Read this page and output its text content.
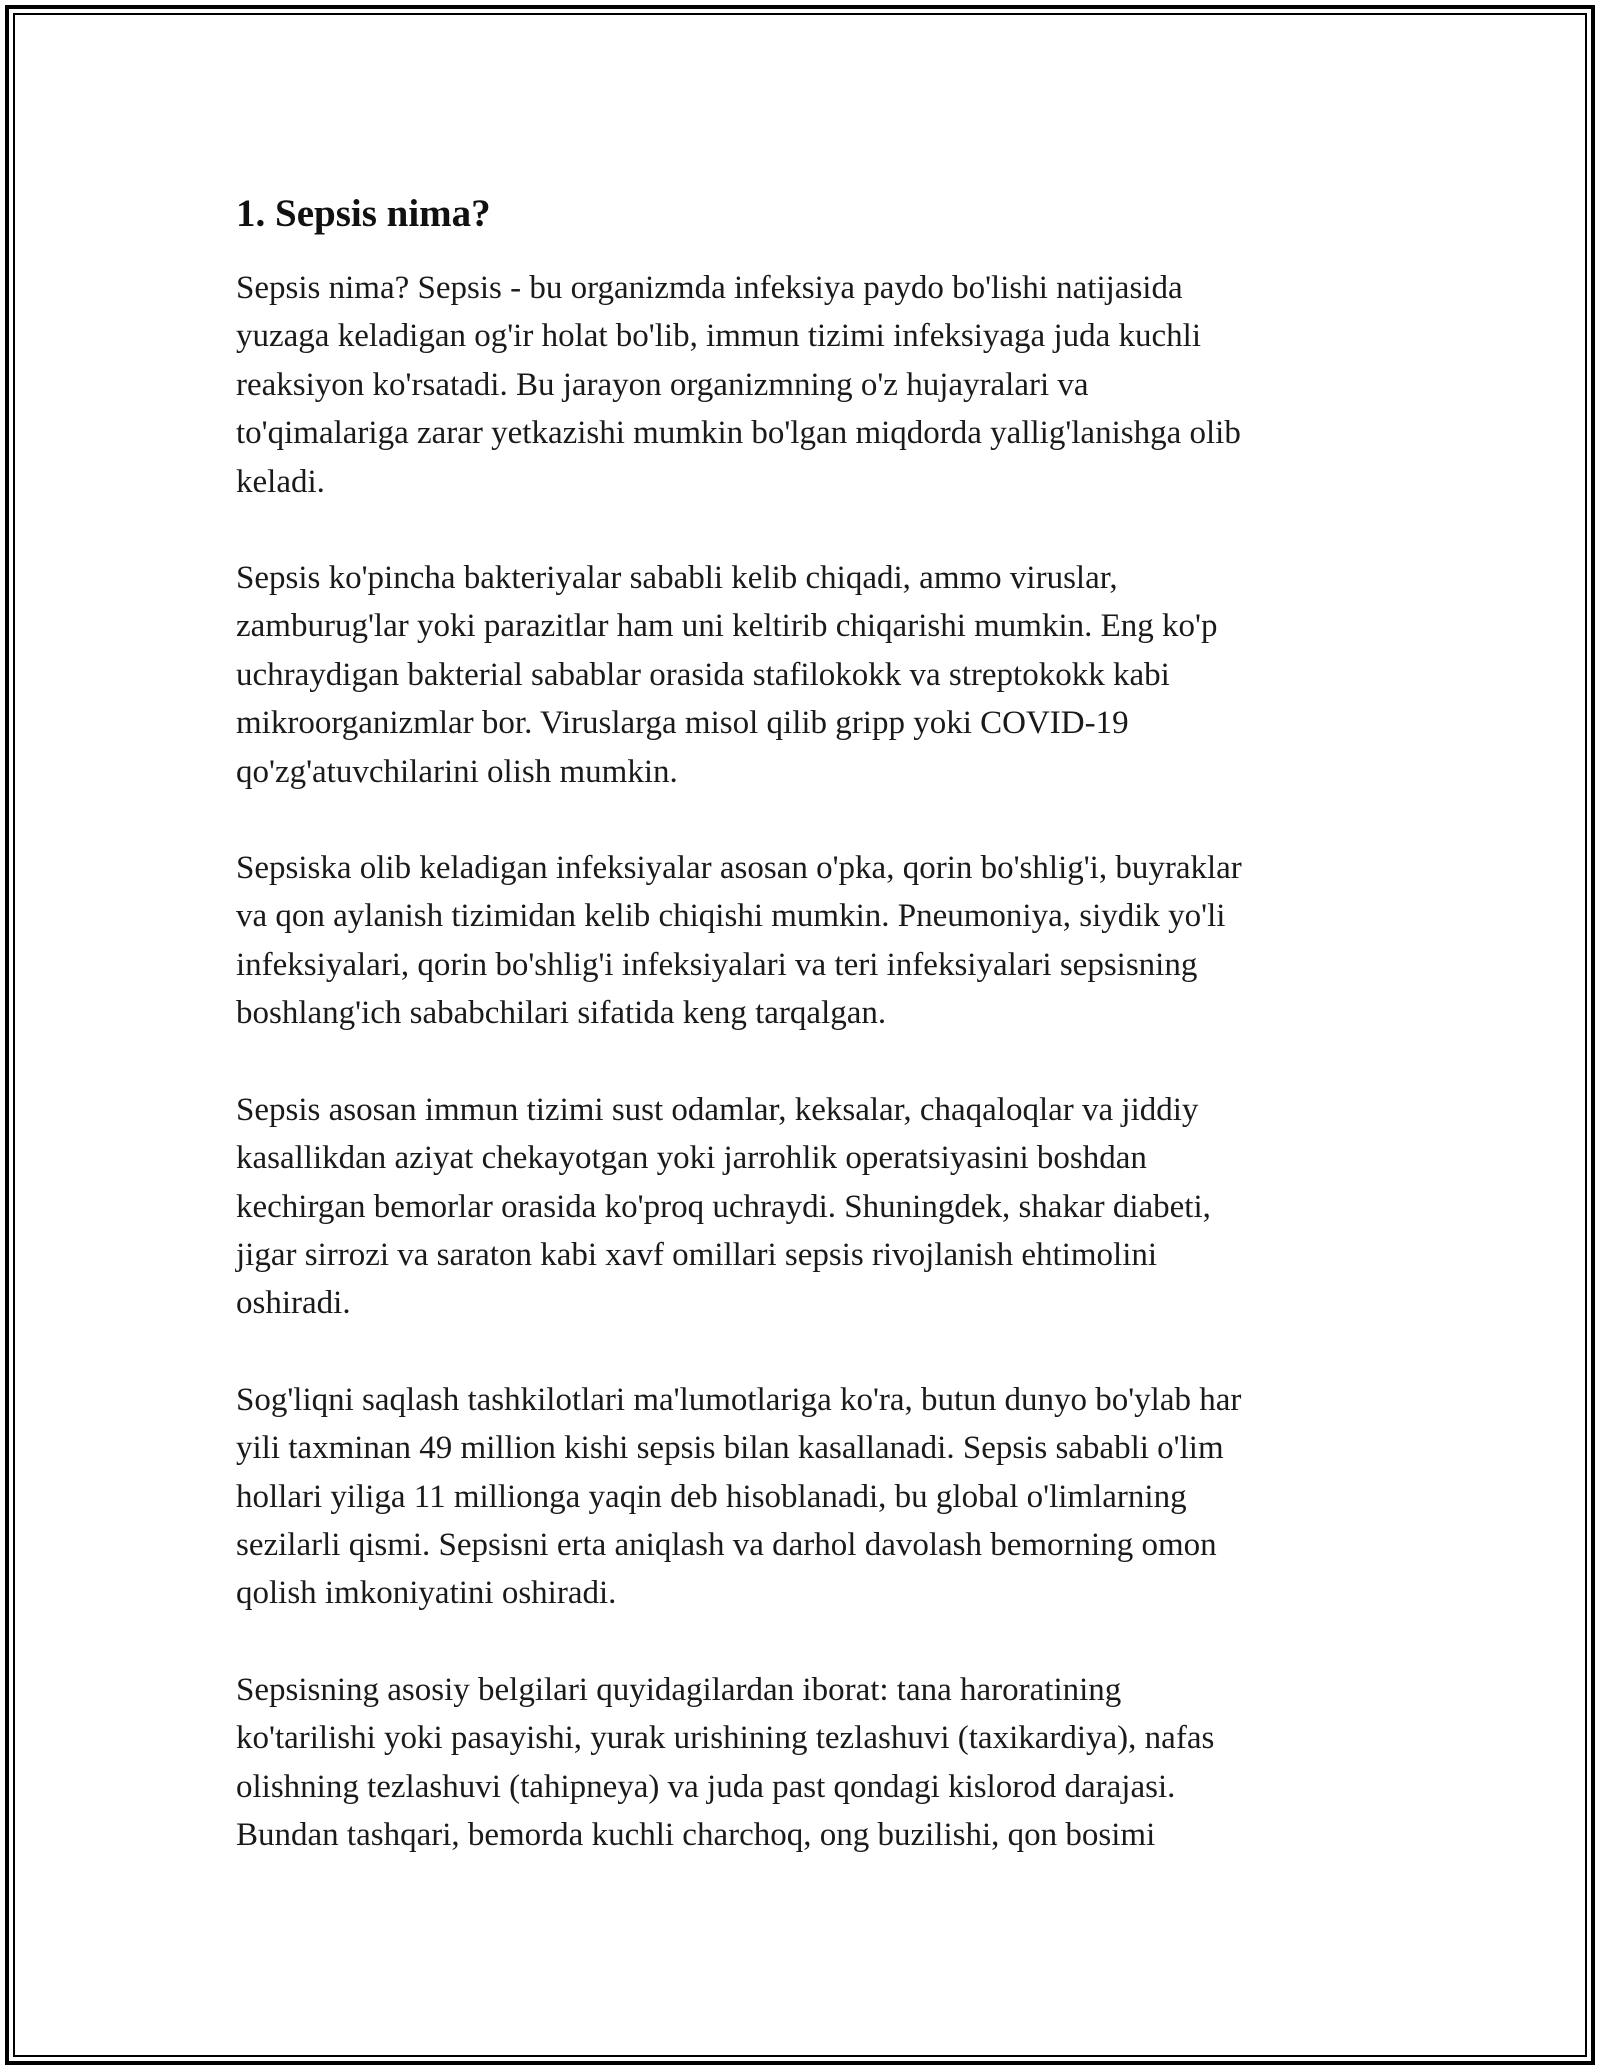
1. Sepsis nima?

Sepsis nima? Sepsis - bu organizmda infeksiya paydo bo'lishi natijasida
yuzaga keladigan og'ir holat bo'lib, immun tizimi infeksiyaga juda kuchli
reaksiyon ko'rsatadi. Bu jarayon organizmning o'z hujayralari va
to'qimalariga zarar yetkazishi mumkin bo'lgan miqdorda yallig'lanishga olib
keladi.

Sepsis ko'pincha bakteriyalar sababli kelib chiqadi, ammo viruslar,
zamburug'lar yoki parazitlar ham uni keltirib chiqarishi mumkin. Eng ko'p
uchraydigan bakterial sabablar orasida stafilokokk va streptokokk kabi
mikroorganizmlar bor. Viruslarga misol qilib gripp yoki COVID-19
qo'zg'atuvchilarini olish mumkin.

Sepsiska olib keladigan infeksiyalar asosan o'pka, qorin bo'shlig'i, buyraklar
va qon aylanish tizimidan kelib chiqishi mumkin. Pneumoniya, siydik yo'li
infeksiyalari, qorin bo'shlig'i infeksiyalari va teri infeksiyalari sepsisning
boshlang'ich sababchilari sifatida keng tarqalgan.

Sepsis asosan immun tizimi sust odamlar, keksalar, chaqaloqlar va jiddiy
kasallikdan aziyat chekayotgan yoki jarrohlik operatsiyasini boshdan
kechirgan bemorlar orasida ko'proq uchraydi. Shuningdek, shakar diabeti,
jigar sirrozi va saraton kabi xavf omillari sepsis rivojlanish ehtimolini
oshiradi.

Sog'liqni saqlash tashkilotlari ma'lumotlariga ko'ra, butun dunyo bo'ylab har
yili taxminan 49 million kishi sepsis bilan kasallanadi. Sepsis sababli o'lim
hollari yiliga 11 millionga yaqin deb hisoblanadi, bu global o'limlarning
sezilarli qismi. Sepsisni erta aniqlash va darhol davolash bemorning omon
qolish imkoniyatini oshiradi.

Sepsisning asosiy belgilari quyidagilardan iborat: tana haroratining
ko'tarilishi yoki pasayishi, yurak urishining tezlashuvi (taxikardiya), nafas
olishning tezlashuvi (tahipneya) va juda past qondagi kislorod darajasi.
Bundan tashqari, bemorda kuchli charchoq, ong buzilishi, qon bosimi
